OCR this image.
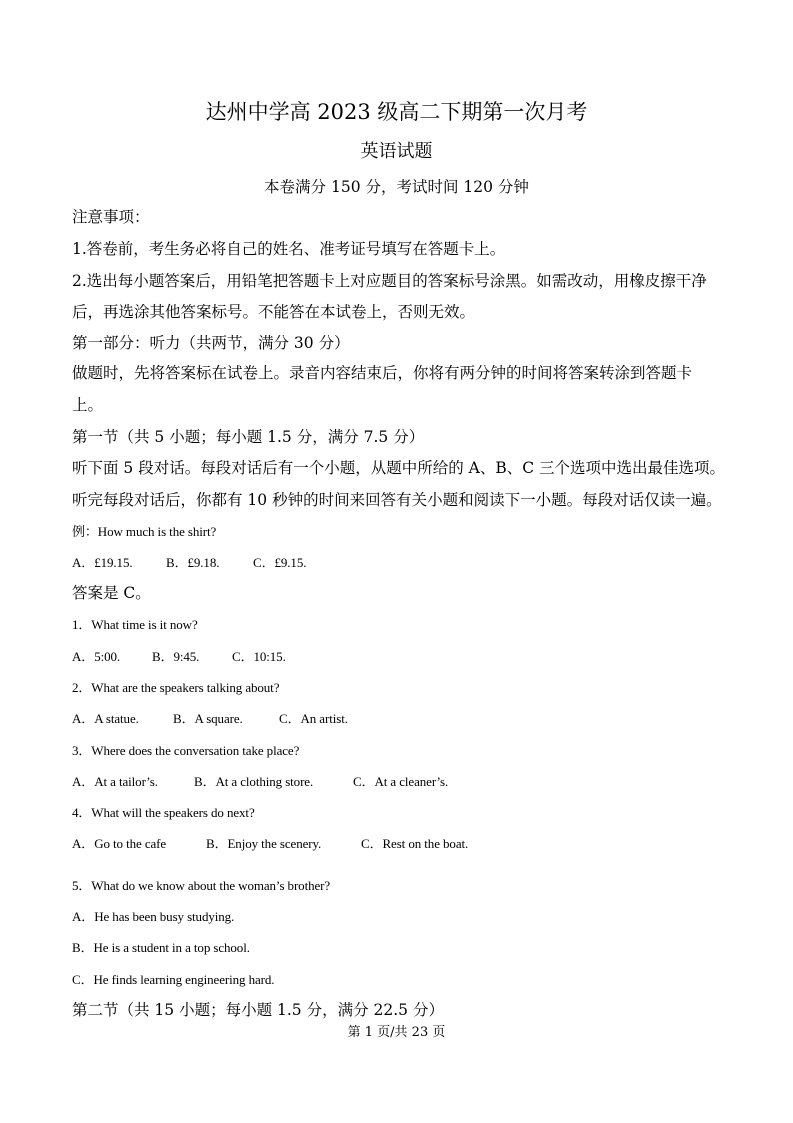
达州中学高 2023 级高二下期第一次月考
英语试题
本卷满分 150 分，考试时间 120 分钟
注意事项：
1.答卷前，考生务必将自己的姓名、准考证号填写在答题卡上。
2.选出每小题答案后，用铅笔把答题卡上对应题目的答案标号涂黑。如需改动，用橡皮擦干净
后，再选涂其他答案标号。不能答在本试卷上，否则无效。
第一部分：听力（共两节，满分 30 分）
做题时，先将答案标在试卷上。录音内容结束后，你将有两分钟的时间将答案转涂到答题卡
上。
第一节（共 5 小题；每小题 1.5 分，满分 7.5 分）
听下面 5 段对话。每段对话后有一个小题，从题中所给的 A、B、C 三个选项中选出最佳选项。
听完每段对话后，你都有 10 秒钟的时间来回答有关小题和阅读下一小题。每段对话仅读一遍。
例：How much is the shirt?
A．£19.15.	B．£9.18.	C．£9.15.
答案是 C。
1．What time is it now?
A．5:00. B．9:45.	C．10:15.
2．What are the speakers talking about?
A．A statue.	B．A square.	C．An artist.
3．Where does the conversation take place?
A．At a tailor’s.	B．At a clothing store.	C．At a cleaner’s.
4．What will the speakers do next?
A．Go to the cafe	B．Enjoy the scenery.	C．Rest on the boat.
5．What do we know about the woman’s brother?
A．He has been busy studying.
B．He is a student in a top school.
C．He finds learning engineering hard.
第二节（共 15 小题；每小题 1.5 分，满分 22.5 分）
第 1 页/共 23 页
